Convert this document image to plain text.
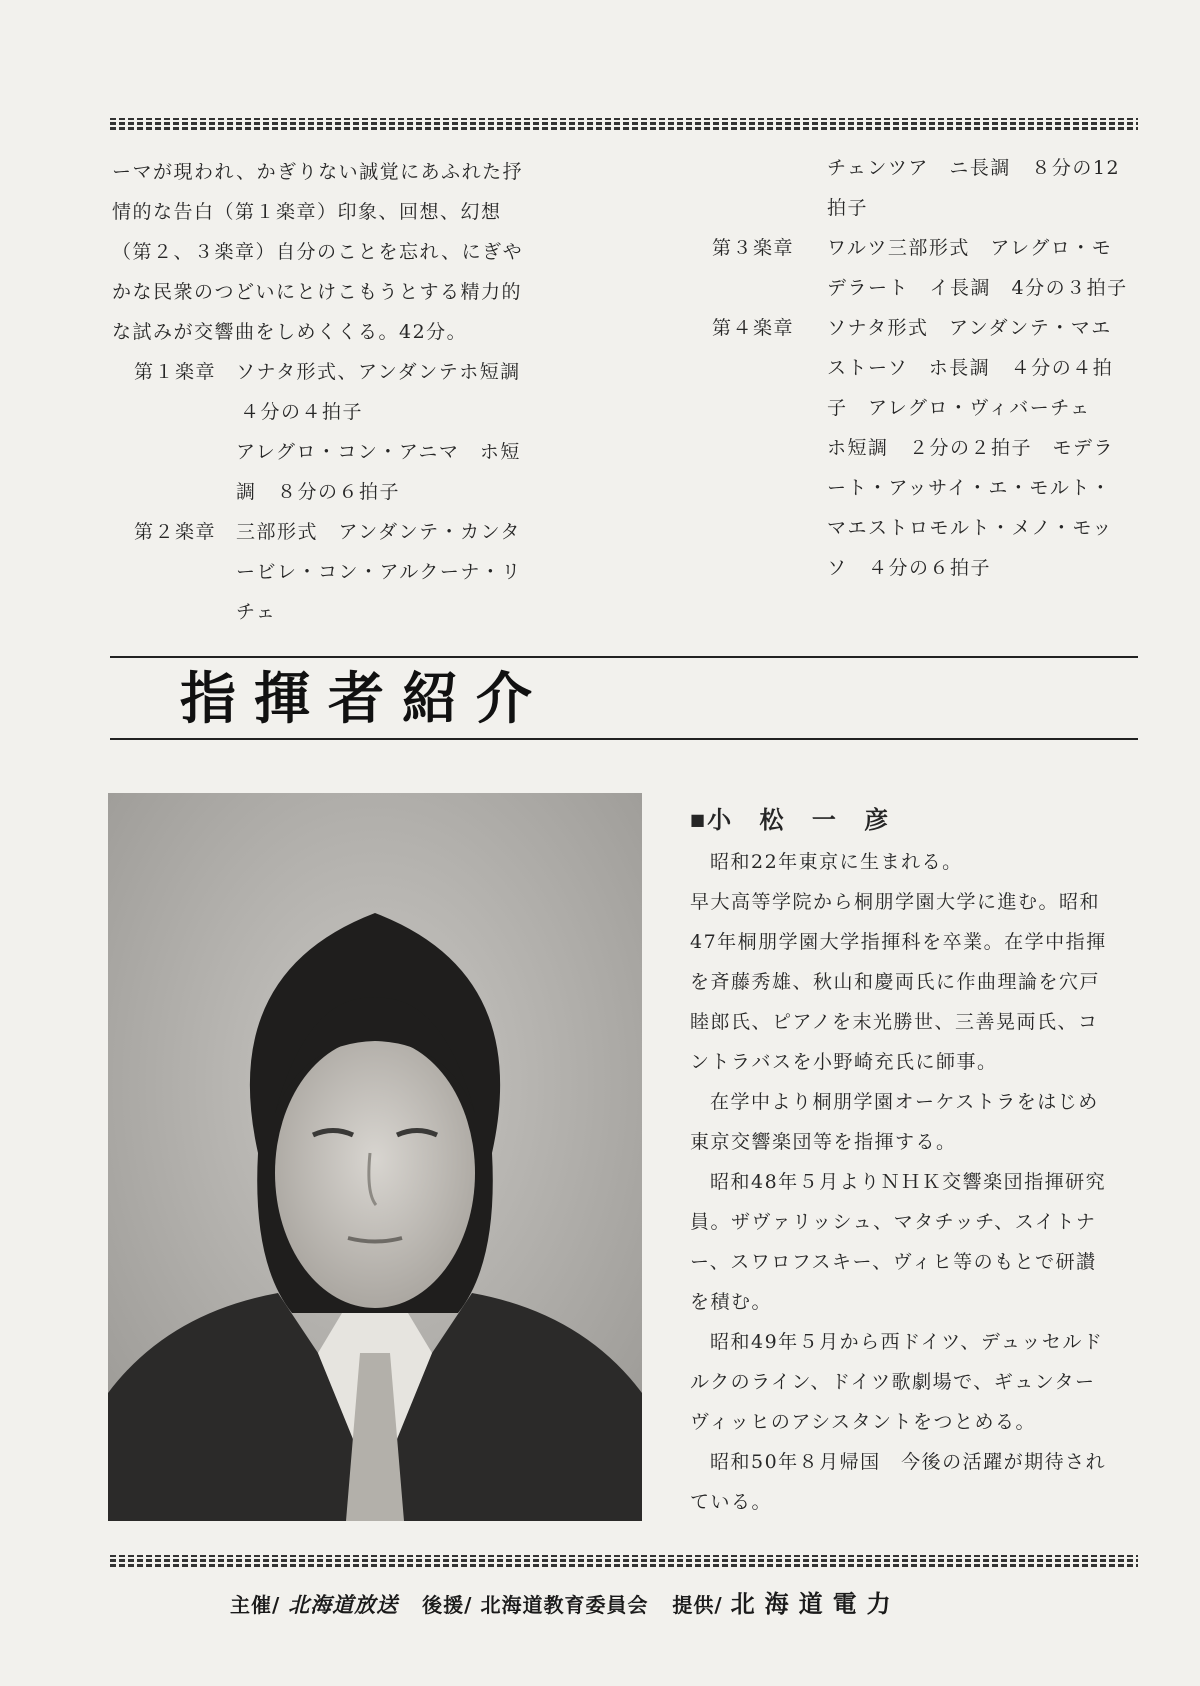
ーマが現われ、かぎりない誠覚にあふれた抒

情的な告白（第１楽章）印象、回想、幻想

（第２、３楽章）自分のことを忘れ、にぎや

かな民衆のつどいにとけこもうとする精力的

な試みが交響曲をしめくくる。42分。

第１楽章	ソナタ形式、アンダンテホ短調
４分の４拍子
アレグロ・コン・アニマ　ホ短
調　８分の６拍子
第２楽章	三部形式　アンダンテ・カンタ
ービレ・コン・アルクーナ・リ
チェ
チェンツア　ニ長調　８分の12
拍子
第３楽章	ワルツ三部形式　アレグロ・モ
デラート　イ長調　4分の３拍子
第４楽章	ソナタ形式　アンダンテ・マエ
ストーソ　ホ長調　４分の４拍
子　アレグロ・ヴィバーチェ
ホ短調　２分の２拍子　モデラ
ート・アッサイ・エ・モルト・
マエストロモルト・メノ・モッ
ソ　４分の６拍子
指揮者紹介
■小 松 一 彦
昭和22年東京に生まれる。
早大高等学院から桐朋学園大学に進む。昭和
47年桐朋学園大学指揮科を卒業。在学中指揮
を斉藤秀雄、秋山和慶両氏に作曲理論を穴戸
睦郎氏、ピアノを末光勝世、三善晃両氏、コ
ントラバスを小野崎充氏に師事。
在学中より桐朋学園オーケストラをはじめ
東京交響楽団等を指揮する。
昭和48年５月よりＮＨＫ交響楽団指揮研究
員。ザヴァリッシュ、マタチッチ、スイトナ
ー、スワロフスキー、ヴィヒ等のもとで研讃
を積む。
昭和49年５月から西ドイツ、デュッセルド
ルクのライン、ドイツ歌劇場で、ギュンター
ヴィッヒのアシスタントをつとめる。
昭和50年８月帰国　今後の活躍が期待され
ている。
主催/ 北海道放送 後援/ 北海道教育委員会 提供/ 北海道電力
